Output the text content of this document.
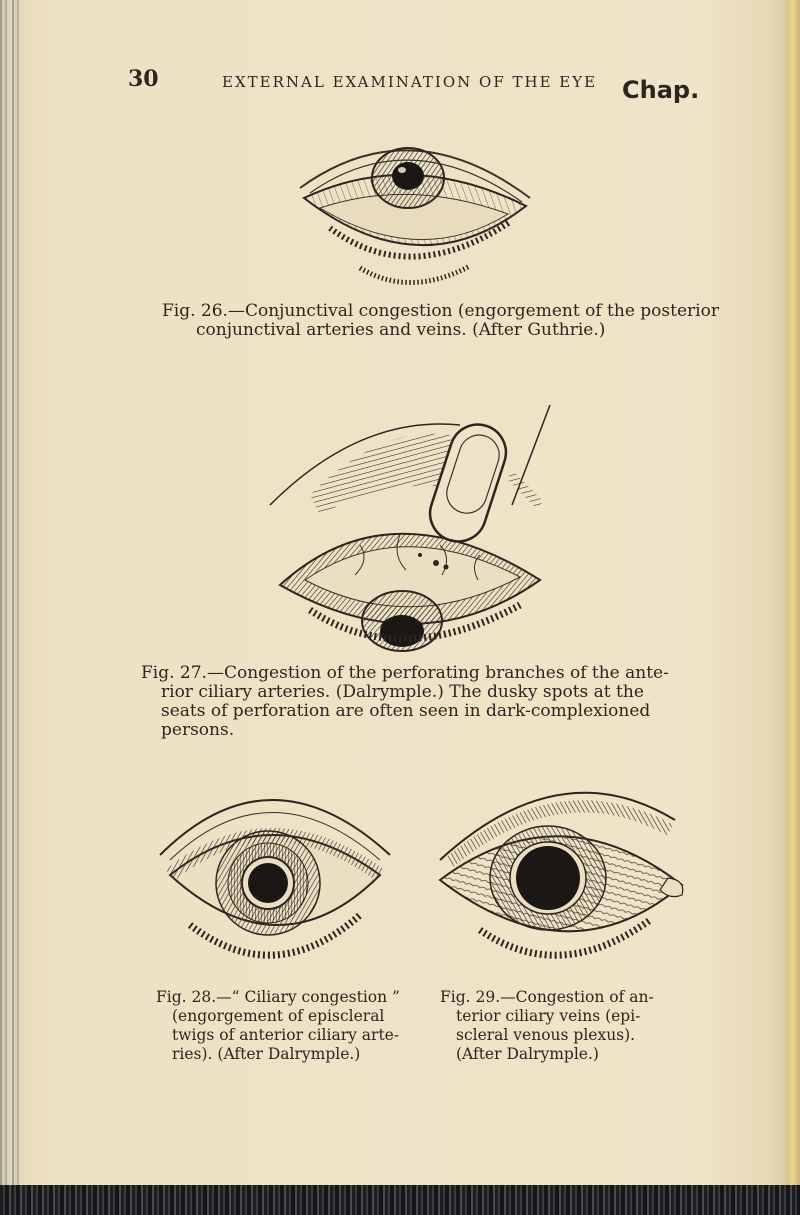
30	EXTERNAL EXAMINATION OF THE EYE Chap.
Fig. 26.—Conjunctival congestion (engorgement of the posterior
conjunctival arteries and veins. (After Guthrie.)
Fig. 27.—Congestion of the perforating branches of the ante-
rior ciliary arteries. (Dalrymple.) The dusky spots at the
seats of perforation are often seen in dark-complexioned
persons.
Fig. 28.—“ Ciliary congestion ”
(engorgement of episcleral
twigs of anterior ciliary arte-
ries). (After Dalrymple.)
Fig. 29.—Congestion of an-
terior ciliary veins (epi-
scleral venous plexus).
(After Dalrymple.)
